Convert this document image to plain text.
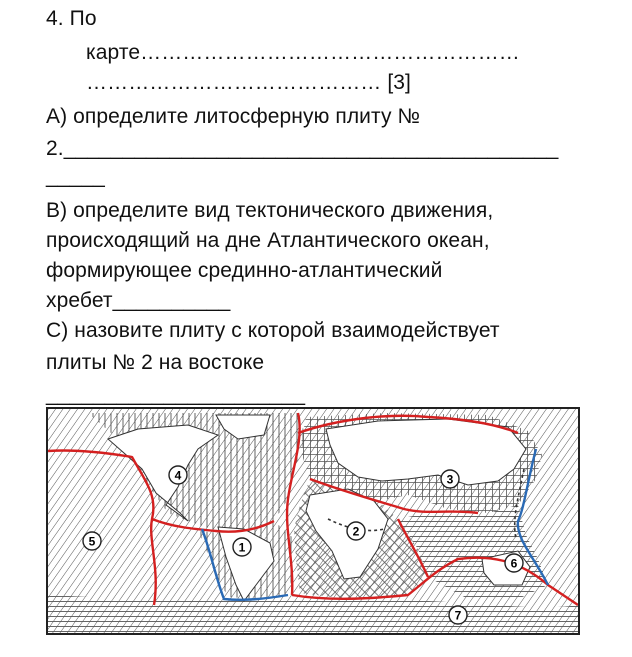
4. По
карте………………………………………………
…………………………………… [3]
А) определите литосферную плиту №
2.__________________________________________
_____
В) определите вид тектонического движения,
происходящий на дне Атлантического океан,
формирующее срединно-атлантический
хребет__________
С) назовите плиту с которой взаимодействует
плиты № 2 на востоке
______________________
1
2
3
4
5
6
7
